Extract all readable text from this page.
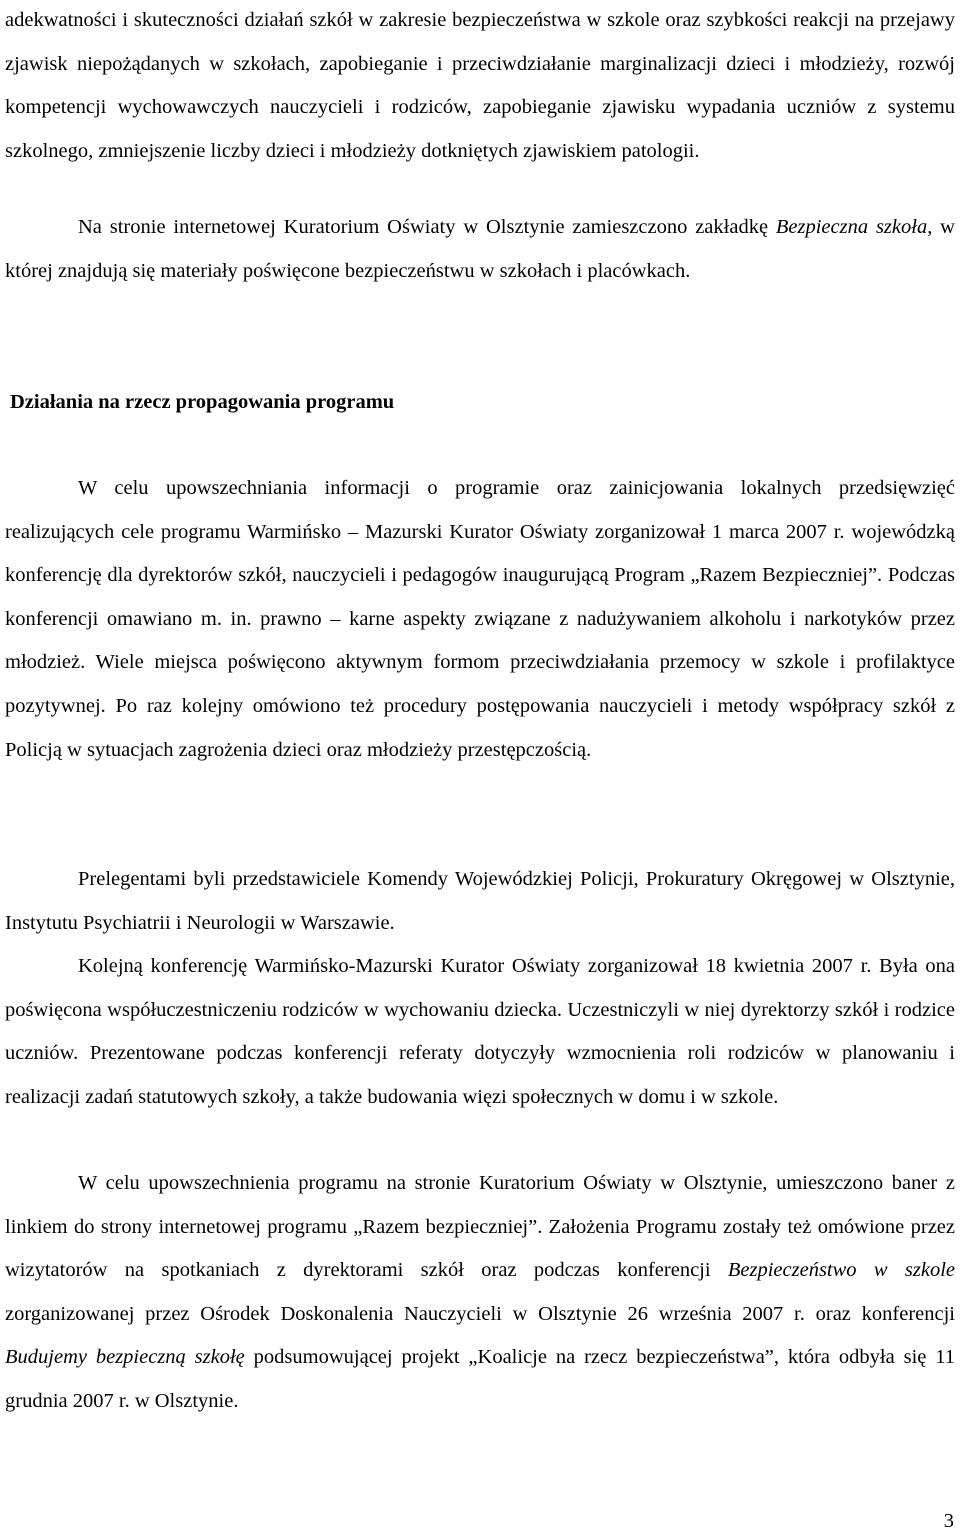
adekwatności i skuteczności działań szkół w zakresie bezpieczeństwa w szkole oraz szybkości reakcji na przejawy zjawisk niepożądanych w szkołach, zapobieganie i przeciwdziałanie marginalizacji dzieci i młodzieży, rozwój kompetencji wychowawczych nauczycieli i rodziców, zapobieganie zjawisku wypadania uczniów z systemu szkolnego, zmniejszenie liczby dzieci i młodzieży dotkniętych zjawiskiem patologii.

Na stronie internetowej Kuratorium Oświaty w Olsztynie zamieszczono zakładkę Bezpieczna szkoła, w której znajdują się materiały poświęcone bezpieczeństwu w szkołach i placówkach.

Działania na rzecz propagowania programu

W celu upowszechniania informacji o programie oraz zainicjowania lokalnych przedsięwzięć realizujących cele programu Warmińsko – Mazurski Kurator Oświaty zorganizował 1 marca 2007 r. wojewódzką konferencję dla dyrektorów szkół, nauczycieli i pedagogów inaugurującą Program „Razem Bezpieczniej”. Podczas konferencji omawiano m. in. prawno – karne aspekty związane z nadużywaniem alkoholu i narkotyków przez młodzież. Wiele miejsca poświęcono aktywnym formom przeciwdziałania przemocy w szkole i profilaktyce pozytywnej. Po raz kolejny omówiono też procedury postępowania nauczycieli i metody współpracy szkół z Policją w sytuacjach zagrożenia dzieci oraz młodzieży przestępczością.

Prelegentami byli przedstawiciele Komendy Wojewódzkiej Policji, Prokuratury Okręgowej w Olsztynie, Instytutu Psychiatrii i Neurologii w Warszawie.

Kolejną konferencję Warmińsko-Mazurski Kurator Oświaty zorganizował 18 kwietnia 2007 r. Była ona poświęcona współuczestniczeniu rodziców w wychowaniu dziecka. Uczestniczyli w niej dyrektorzy szkół i rodzice uczniów. Prezentowane podczas konferencji referaty dotyczyły wzmocnienia roli rodziców w planowaniu i realizacji zadań statutowych szkoły, a także budowania więzi społecznych w domu i w szkole.

W celu upowszechnienia programu na stronie Kuratorium Oświaty w Olsztynie, umieszczono baner z linkiem do strony internetowej programu „Razem bezpieczniej”. Założenia Programu zostały też omówione przez wizytatorów na spotkaniach z dyrektorami szkół oraz podczas konferencji Bezpieczeństwo w szkole zorganizowanej przez Ośrodek Doskonalenia Nauczycieli w Olsztynie 26 września 2007 r. oraz konferencji Budujemy bezpieczną szkołę podsumowującej projekt „Koalicje na rzecz bezpieczeństwa”, która odbyła się 11 grudnia 2007 r. w Olsztynie.

3
